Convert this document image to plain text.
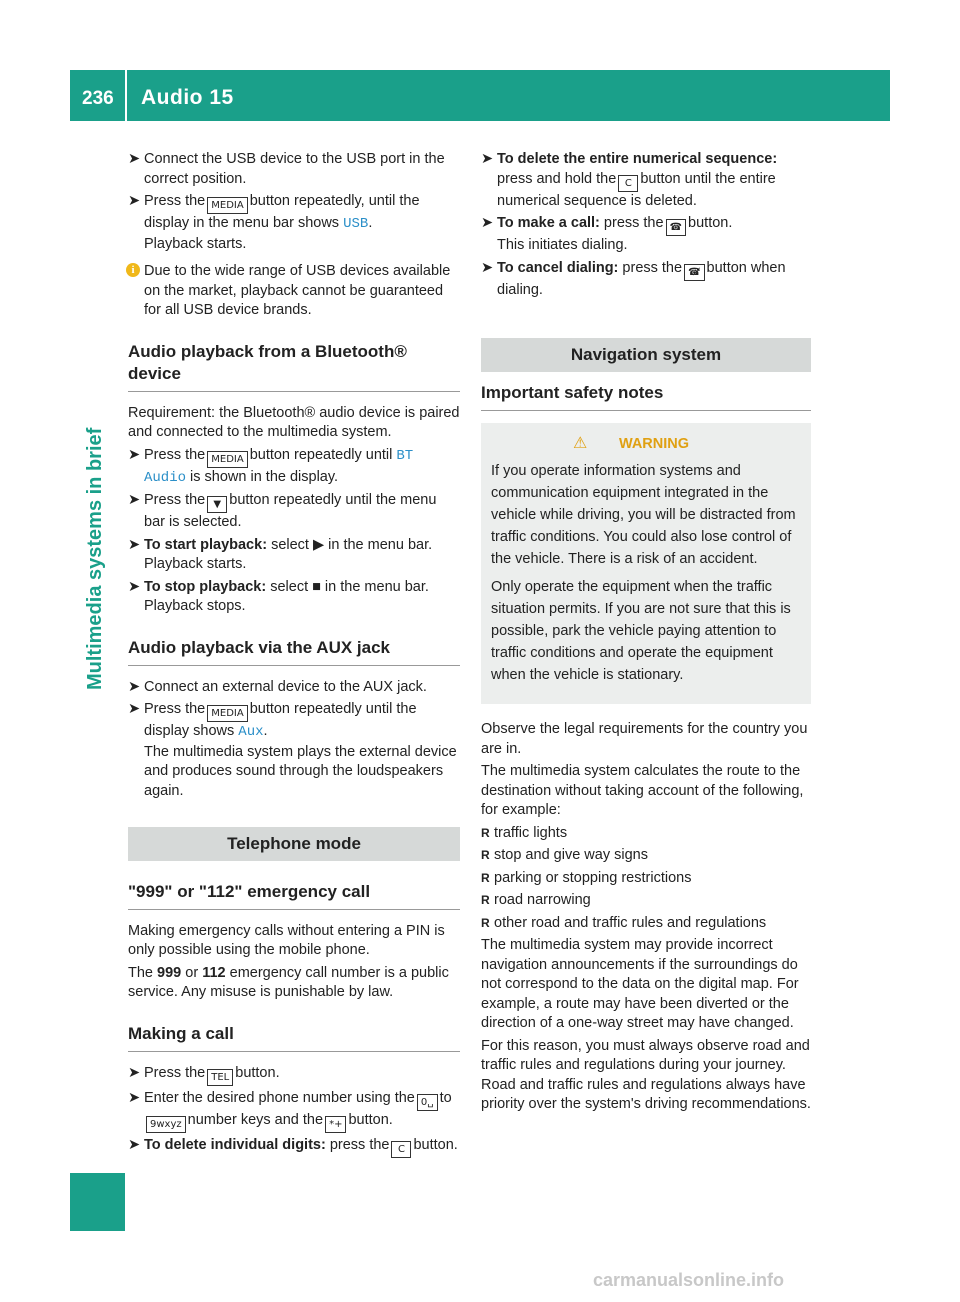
236 Audio 15
Multimedia systems in brief
➤ Connect the USB device to the USB port in the correct position.
➤ Press the MEDIA button repeatedly, until the display in the menu bar shows USB.
Playback starts.
i Due to the wide range of USB devices available on the market, playback cannot be guaranteed for all USB device brands.
Audio playback from a Bluetooth® device
Requirement: the Bluetooth® audio device is paired and connected to the multimedia system.
➤ Press the MEDIA button repeatedly until BT Audio is shown in the display.
➤ Press the ▼ button repeatedly until the menu bar is selected.
➤ To start playback: select ▶ in the menu bar.
Playback starts.
➤ To stop playback: select ■ in the menu bar.
Playback stops.
Audio playback via the AUX jack
➤ Connect an external device to the AUX jack.
➤ Press the MEDIA button repeatedly until the display shows Aux.
The multimedia system plays the external device and produces sound through the loudspeakers again.
Telephone mode
"999" or "112" emergency call
Making emergency calls without entering a PIN is only possible using the mobile phone.
The 999 or 112 emergency call number is a public service. Any misuse is punishable by law.
Making a call
➤ Press the TEL button.
➤ Enter the desired phone number using the 0␣ to9wxyz number keys and the *+ button.
➤ To delete individual digits: press the C button.
➤ To delete the entire numerical sequence: press and hold the C button until the entire numerical sequence is deleted.
➤ To make a call: press the ☎ button.
This initiates dialing.
➤ To cancel dialing: press the ☎̸ button when dialing.
Navigation system
Important safety notes
⚠ WARNING
If you operate information systems and communication equipment integrated in the vehicle while driving, you will be distracted from traffic conditions. You could also lose control of the vehicle. There is a risk of an accident.
Only operate the equipment when the traffic situation permits. If you are not sure that this is possible, park the vehicle paying attention to traffic conditions and operate the equipment when the vehicle is stationary.
Observe the legal requirements for the country you are in.
The multimedia system calculates the route to the destination without taking account of the following, for example:
R traffic lights
R stop and give way signs
R parking or stopping restrictions
R road narrowing
R other road and traffic rules and regulations
The multimedia system may provide incorrect navigation announcements if the surroundings do not correspond to the data on the digital map. For example, a route may have been diverted or the direction of a one-way street may have changed.
For this reason, you must always observe road and traffic rules and regulations during your journey. Road and traffic rules and regulations always have priority over the system's driving recommendations.
carmanualsonline.info
